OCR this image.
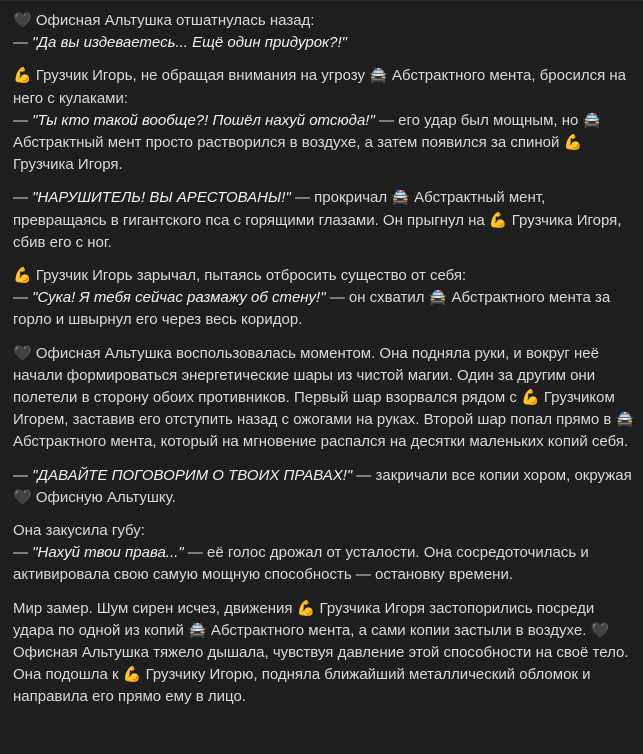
🖤 Офисная Альтушка отшатнулась назад:
— "Да вы издеваетесь... Ещё один придурок?!"

💪 Грузчик Игорь, не обращая внимания на угрозу 🚔 Абстрактного мента, бросился на него с кулаками:
— "Ты кто такой вообще?! Пошёл нахуй отсюда!" — его удар был мощным, но 🚔 Абстрактный мент просто растворился в воздухе, а затем появился за спиной 💪 Грузчика Игоря.

— "НАРУШИТЕЛЬ! ВЫ АРЕСТОВАНЫ!" — прокричал 🚔 Абстрактный мент, превращаясь в гигантского пса с горящими глазами. Он прыгнул на 💪 Грузчика Игоря, сбив его с ног.

💪 Грузчик Игорь зарычал, пытаясь отбросить существо от себя:
— "Сука! Я тебя сейчас размажу об стену!" — он схватил 🚔 Абстрактного мента за горло и швырнул его через весь коридор.

🖤 Офисная Альтушка воспользовалась моментом. Она подняла руки, и вокруг неё начали формироваться энергетические шары из чистой магии. Один за другим они полетели в сторону обоих противников. Первый шар взорвался рядом с 💪 Грузчиком Игорем, заставив его отступить назад с ожогами на руках. Второй шар попал прямо в 🚔 Абстрактного мента, который на мгновение распался на десятки маленьких копий себя.

— "ДАВАЙТЕ ПОГОВОРИМ О ТВОИХ ПРАВАХ!" — закричали все копии хором, окружая 🖤 Офисную Альтушку.

Она закусила губу:
— "Нахуй твои права..." — её голос дрожал от усталости. Она сосредоточилась и активировала свою самую мощную способность — остановку времени.

Мир замер. Шум сирен исчез, движения 💪 Грузчика Игоря застопорились посреди удара по одной из копий 🚔 Абстрактного мента, а сами копии застыли в воздухе. 🖤 Офисная Альтушка тяжело дышала, чувствуя давление этой способности на своё тело. Она подошла к 💪 Грузчику Игорю, подняла ближайший металлический обломок и направила его прямо ему в лицо.
